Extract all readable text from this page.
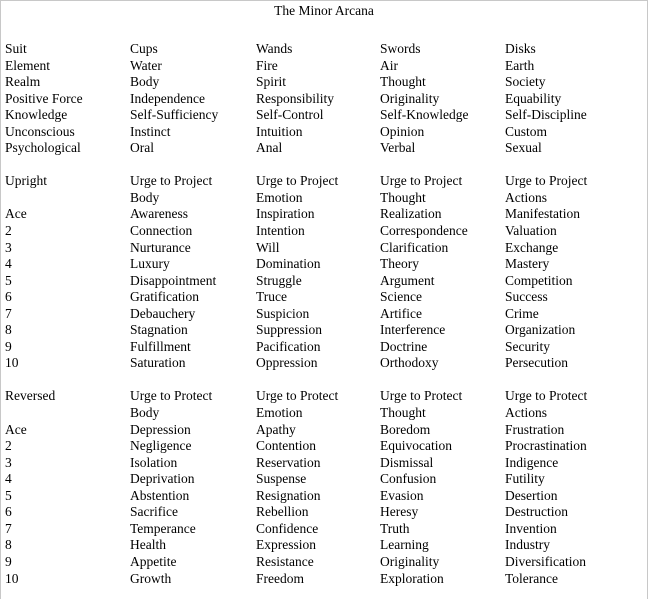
The Minor Arcana
Suit	Cups	Wands	Swords	Disks
Element	Water	Fire	Air	Earth
Realm	Body	Spirit	Thought	Society
Positive Force	Independence	Responsibility	Originality	Equability
Knowledge	Self-Sufficiency	Self-Control	Self-Knowledge	Self-Discipline
Unconscious	Instinct	Intuition	Opinion	Custom
Psychological	Oral	Anal	Verbal	Sexual

Upright	Urge to Project	Urge to Project	Urge to Project	Urge to Project
	Body	Emotion	Thought	Actions
Ace	Awareness	Inspiration	Realization	Manifestation
2	Connection	Intention	Correspondence	Valuation
3	Nurturance	Will	Clarification	Exchange
4	Luxury	Domination	Theory	Mastery
5	Disappointment	Struggle	Argument	Competition
6	Gratification	Truce	Science	Success
7	Debauchery	Suspicion	Artifice	Crime
8	Stagnation	Suppression	Interference	Organization
9	Fulfillment	Pacification	Doctrine	Security
10	Saturation	Oppression	Orthodoxy	Persecution

Reversed	Urge to Protect	Urge to Protect	Urge to Protect	Urge to Protect
	Body	Emotion	Thought	Actions
Ace	Depression	Apathy	Boredom	Frustration
2	Negligence	Contention	Equivocation	Procrastination
3	Isolation	Reservation	Dismissal	Indigence
4	Deprivation	Suspense	Confusion	Futility
5	Abstention	Resignation	Evasion	Desertion
6	Sacrifice	Rebellion	Heresy	Destruction
7	Temperance	Confidence	Truth	Invention
8	Health	Expression	Learning	Industry
9	Appetite	Resistance	Originality	Diversification
10	Growth	Freedom	Exploration	Tolerance
